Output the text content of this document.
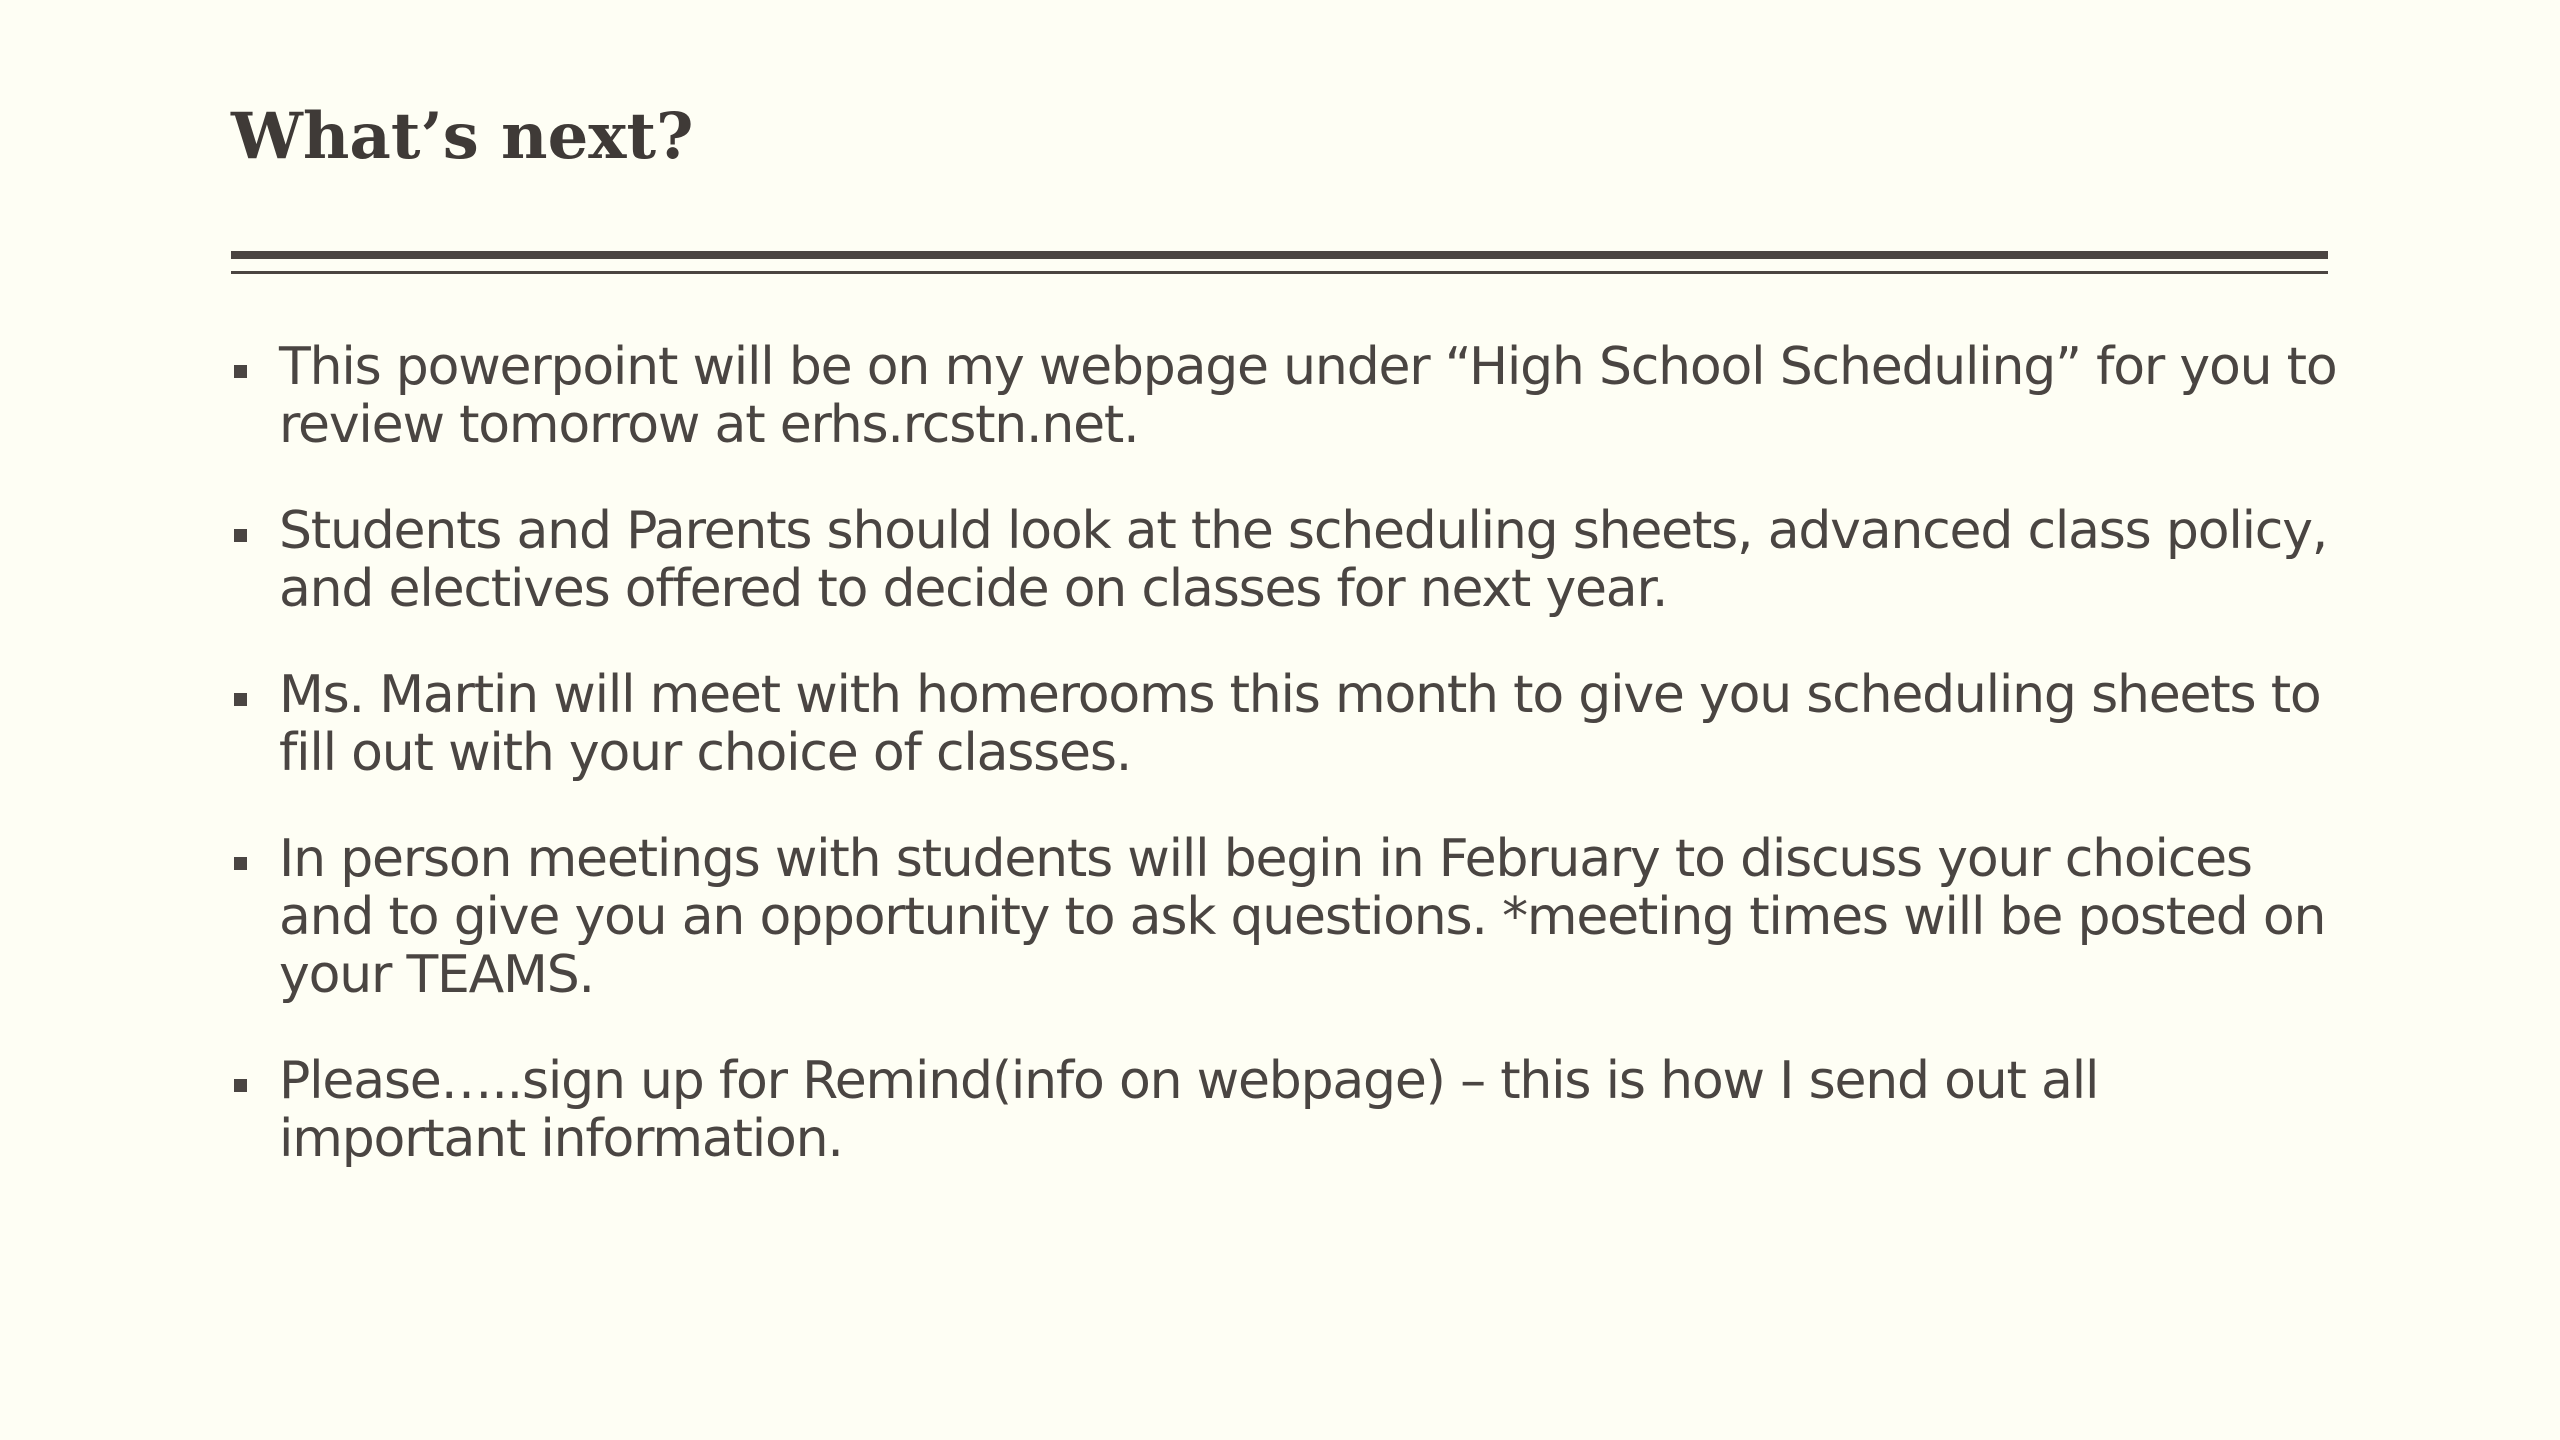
What’s next?
This powerpoint will be on my webpage under “High School Scheduling” for you to review tomorrow at erhs.rcstn.net.
Students and Parents should look at the scheduling sheets, advanced class policy, and electives offered to decide on classes for next year.
Ms. Martin will meet with homerooms this month to give you scheduling sheets to fill out with your choice of classes.
In person meetings with students will begin in February to discuss your choices and to give you an opportunity to ask questions. *meeting times will be posted on your TEAMS.
Please…..sign up for Remind(info on webpage) – this is how I send out all important information.
